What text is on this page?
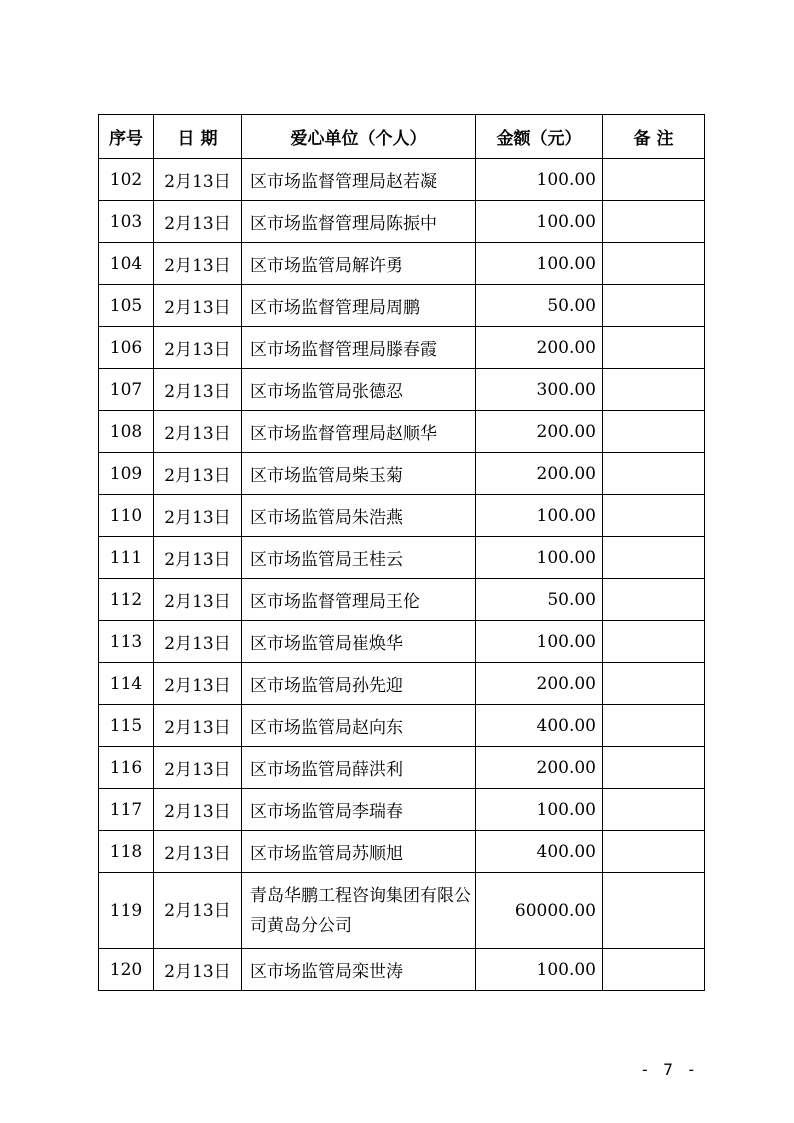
序号	日 期	爱心单位（个人）	金额（元）	备 注
102	2月13日	区市场监督管理局赵若凝	100.00	
103	2月13日	区市场监督管理局陈振中	100.00	
104	2月13日	区市场监管局解许勇	100.00	
105	2月13日	区市场监督管理局周鹏	50.00	
106	2月13日	区市场监督管理局滕春霞	200.00	
107	2月13日	区市场监管局张德忍	300.00	
108	2月13日	区市场监督管理局赵顺华	200.00	
109	2月13日	区市场监管局柴玉菊	200.00	
110	2月13日	区市场监管局朱浩燕	100.00	
111	2月13日	区市场监管局王桂云	100.00	
112	2月13日	区市场监督管理局王伦	50.00	
113	2月13日	区市场监管局崔焕华	100.00	
114	2月13日	区市场监管局孙先迎	200.00	
115	2月13日	区市场监管局赵向东	400.00	
116	2月13日	区市场监管局薛洪利	200.00	
117	2月13日	区市场监管局李瑞春	100.00	
118	2月13日	区市场监管局苏顺旭	400.00	
119	2月13日	青岛华鹏工程咨询集团有限公司黄岛分公司	60000.00	
120	2月13日	区市场监管局栾世涛	100.00	
- 7 -
